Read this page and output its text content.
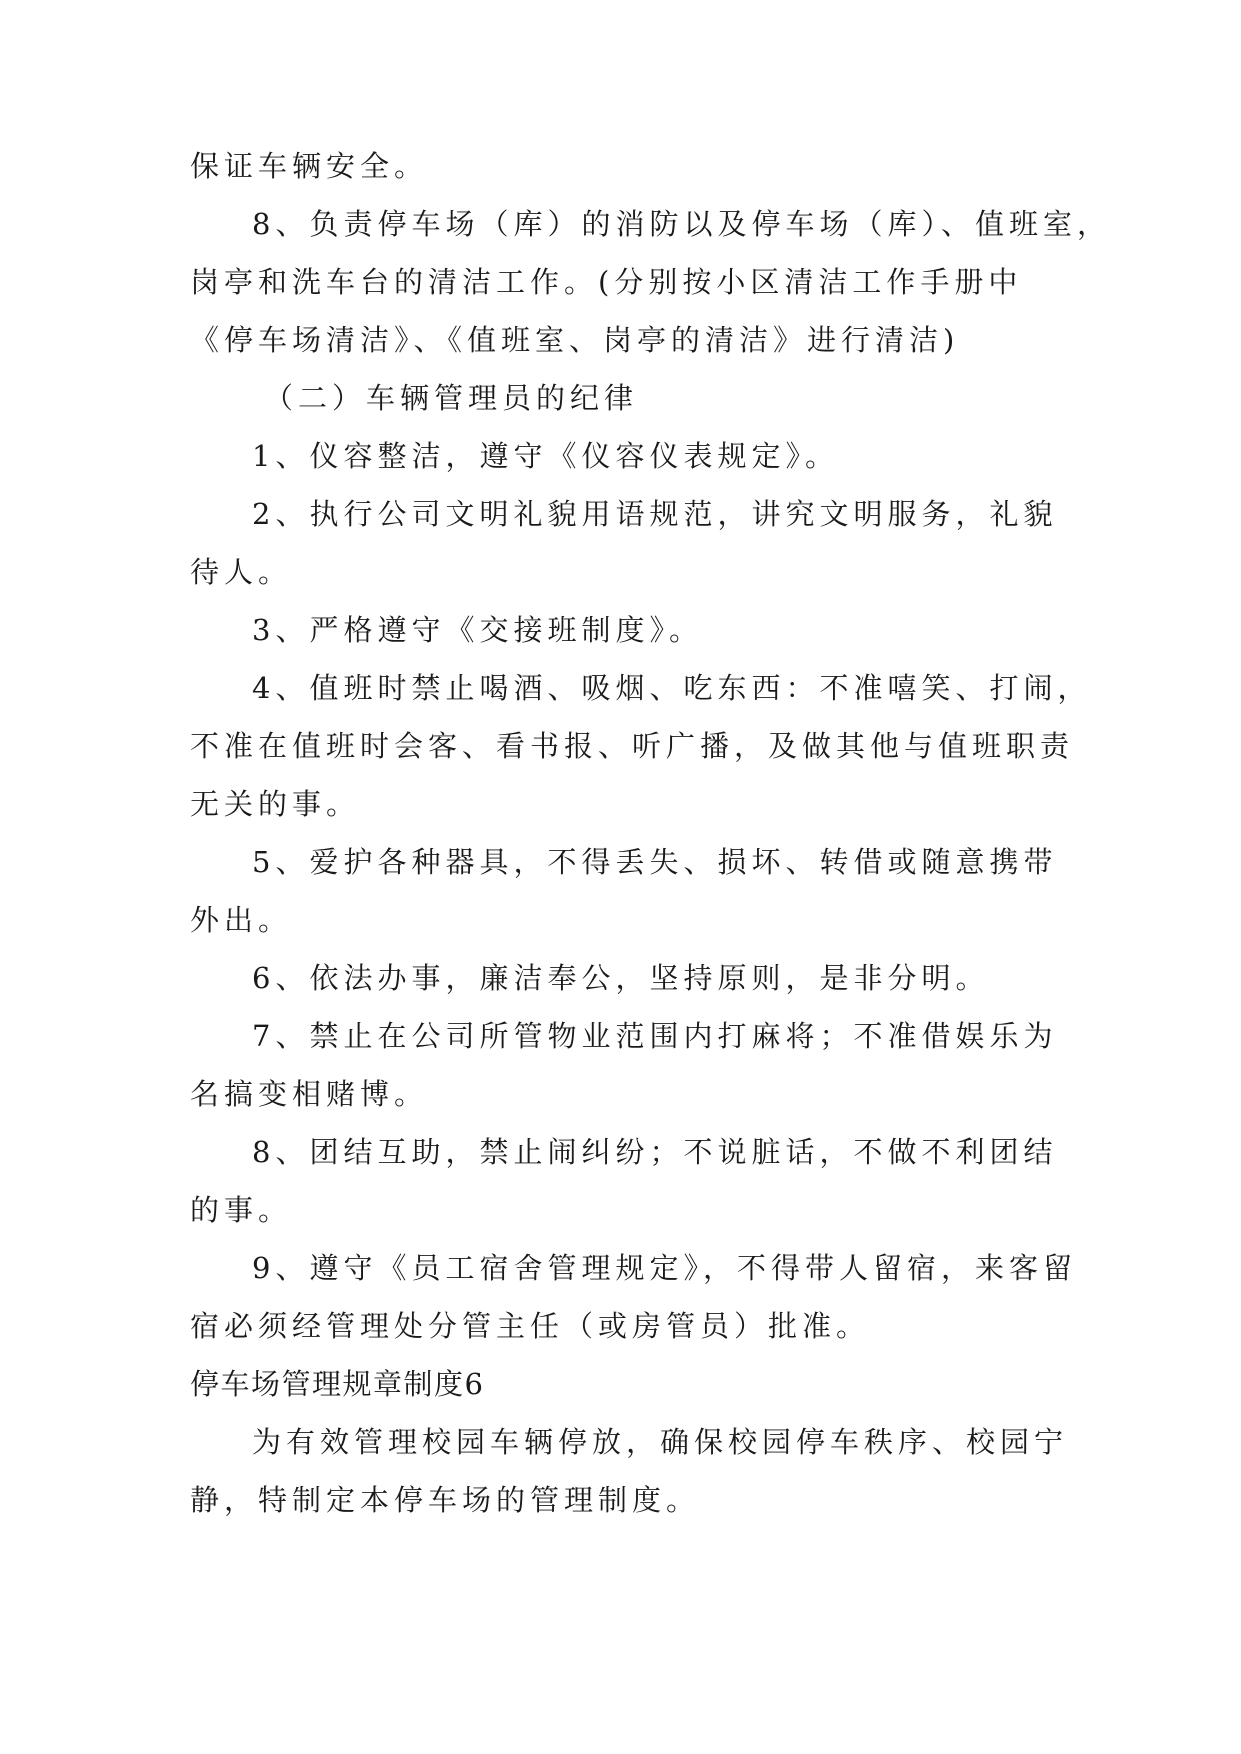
保证车辆安全。
8、负责停车场（库）的消防以及停车场（库）、值班室，
岗亭和洗车台的清洁工作。(分别按小区清洁工作手册中
《停车场清洁》、《值班室、岗亭的清洁》进行清洁)
（二）车辆管理员的纪律
1、仪容整洁，遵守《仪容仪表规定》。
2、执行公司文明礼貌用语规范，讲究文明服务，礼貌
待人。
3、严格遵守《交接班制度》。
4、值班时禁止喝酒、吸烟、吃东西：不准嘻笑、打闹，
不准在值班时会客、看书报、听广播，及做其他与值班职责
无关的事。
5、爱护各种器具，不得丢失、损坏、转借或随意携带
外出。
6、依法办事，廉洁奉公，坚持原则，是非分明。
7、禁止在公司所管物业范围内打麻将；不准借娱乐为
名搞变相赌博。
8、团结互助，禁止闹纠纷；不说脏话，不做不利团结
的事。
9、遵守《员工宿舍管理规定》，不得带人留宿，来客留
宿必须经管理处分管主任（或房管员）批准。
停车场管理规章制度6
为有效管理校园车辆停放，确保校园停车秩序、校园宁
静，特制定本停车场的管理制度。
